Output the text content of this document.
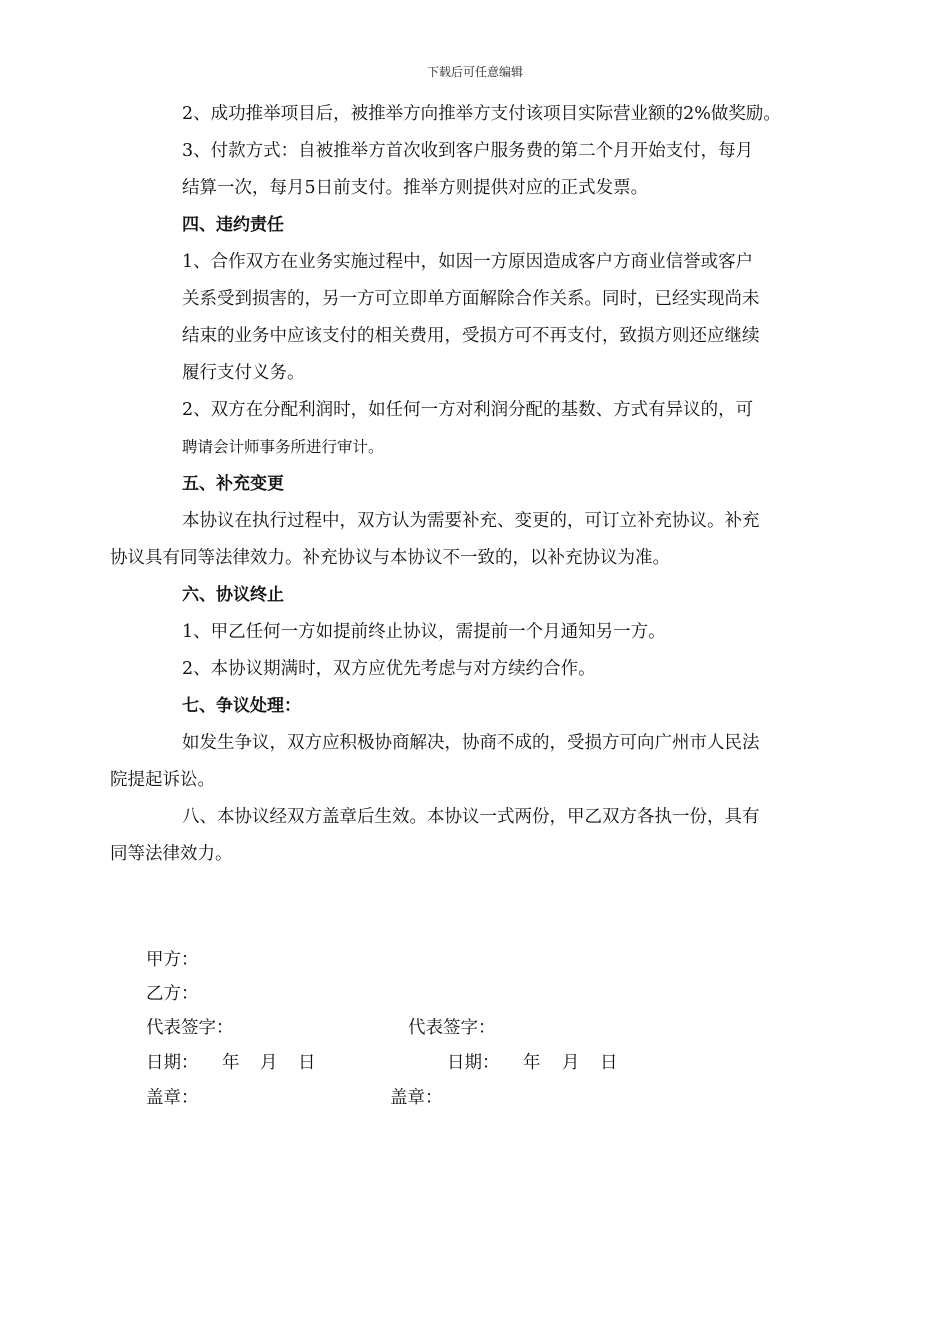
下载后可任意编辑

2、成功推举项目后，被推举方向推举方支付该项目实际营业额的2%做奖励。

3、付款方式：自被推举方首次收到客户服务费的第二个月开始支付，每月

结算一次，每月5日前支付。推举方则提供对应的正式发票。

四、违约责任

1、合作双方在业务实施过程中，如因一方原因造成客户方商业信誉或客户

关系受到损害的，另一方可立即单方面解除合作关系。同时，已经实现尚未

结束的业务中应该支付的相关费用，受损方可不再支付，致损方则还应继续

履行支付义务。

2、双方在分配利润时，如任何一方对利润分配的基数、方式有异议的，可

聘请会计师事务所进行审计。

五、补充变更

本协议在执行过程中，双方认为需要补充、变更的，可订立补充协议。补充
协议具有同等法律效力。补充协议与本协议不一致的，以补充协议为准。

六、协议终止

1、甲乙任何一方如提前终止协议，需提前一个月通知另一方。

2、本协议期满时，双方应优先考虑与对方续约合作。

七、争议处理：

如发生争议，双方应积极协商解决，协商不成的，受损方可向广州市人民法
院提起诉讼。

八、本协议经双方盖章后生效。本协议一式两份，甲乙双方各执一份，具有
同等法律效力。

甲方：
乙方：
代表签字：	代表签字：
日期： 年 月 日	日期： 年 月 日
盖章：	盖章：
